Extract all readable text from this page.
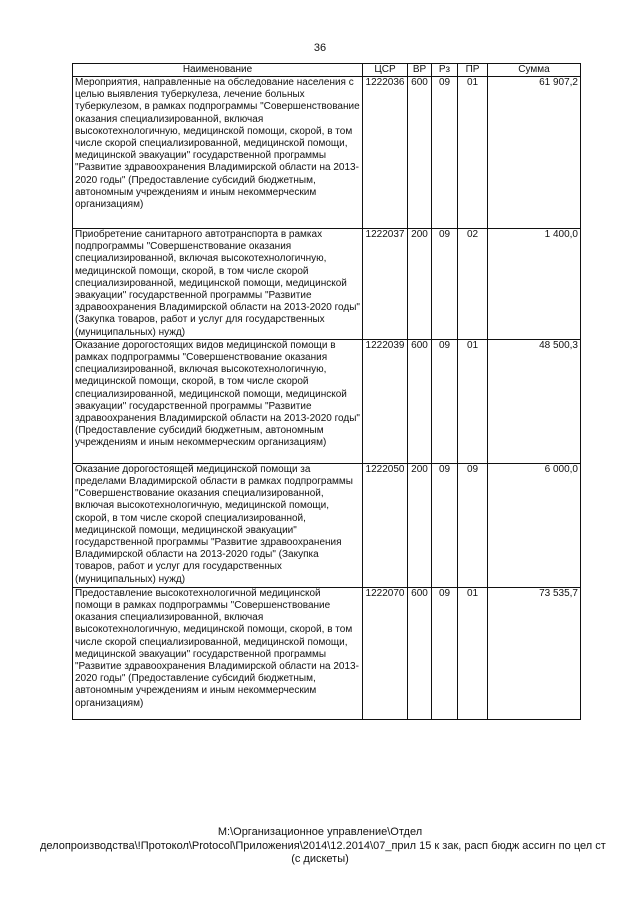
36
Наименование	ЦСР	ВР	Рз	ПР	Сумма
Мероприятия, направленные на обследование населения с целью выявления туберкулеза, лечение больных туберкулезом, в рамках подпрограммы "Совершенствование оказания специализированной, включая высокотехнологичную, медицинской помощи, скорой, в том числе скорой специализированной, медицинской помощи, медицинской эвакуации" государственной программы "Развитие здравоохранения Владимирской области на 2013-2020 годы" (Предоставление субсидий бюджетным, автономным учреждениям и иным некоммерческим организациям)	1222036	600	09	01	61 907,2
Приобретение санитарного автотранспорта в рамках подпрограммы "Совершенствование оказания специализированной, включая высокотехнологичную, медицинской помощи, скорой, в том числе скорой специализированной, медицинской помощи, медицинской эвакуации" государственной программы "Развитие здравоохранения Владимирской области на 2013-2020 годы" (Закупка товаров, работ и услуг для государственных (муниципальных) нужд)	1222037	200	09	02	1 400,0
Оказание дорогостоящих видов медицинской помощи в рамках подпрограммы "Совершенствование оказания специализированной, включая высокотехнологичную, медицинской помощи, скорой, в том числе скорой специализированной, медицинской помощи, медицинской эвакуации" государственной программы "Развитие здравоохранения Владимирской области на 2013-2020 годы" (Предоставление субсидий бюджетным, автономным учреждениям и иным некоммерческим организациям)	1222039	600	09	01	48 500,3
Оказание дорогостоящей медицинской помощи за пределами Владимирской области в рамках подпрограммы "Совершенствование оказания специализированной, включая высокотехнологичную, медицинской помощи, скорой, в том числе скорой специализированной, медицинской помощи, медицинской эвакуации" государственной программы "Развитие здравоохранения Владимирской области на 2013-2020 годы" (Закупка товаров, работ и услуг для государственных (муниципальных) нужд)	1222050	200	09	09	6 000,0
Предоставление высокотехнологичной медицинской помощи в рамках подпрограммы "Совершенствование оказания специализированной, включая высокотехнологичную, медицинской помощи, скорой, в том числе скорой специализированной, медицинской помощи, медицинской эвакуации" государственной программы "Развитие здравоохранения Владимирской области на 2013-2020 годы" (Предоставление субсидий бюджетным, автономным учреждениям и иным некоммерческим организациям)	1222070	600	09	01	73 535,7
М:\Организационное управление\Отдел
делопроизводства\!Протокол\Protocol\Приложения\2014\12.2014\07_прил 15 к зак, расп бюдж ассигн по цел ст
(с дискеты)
